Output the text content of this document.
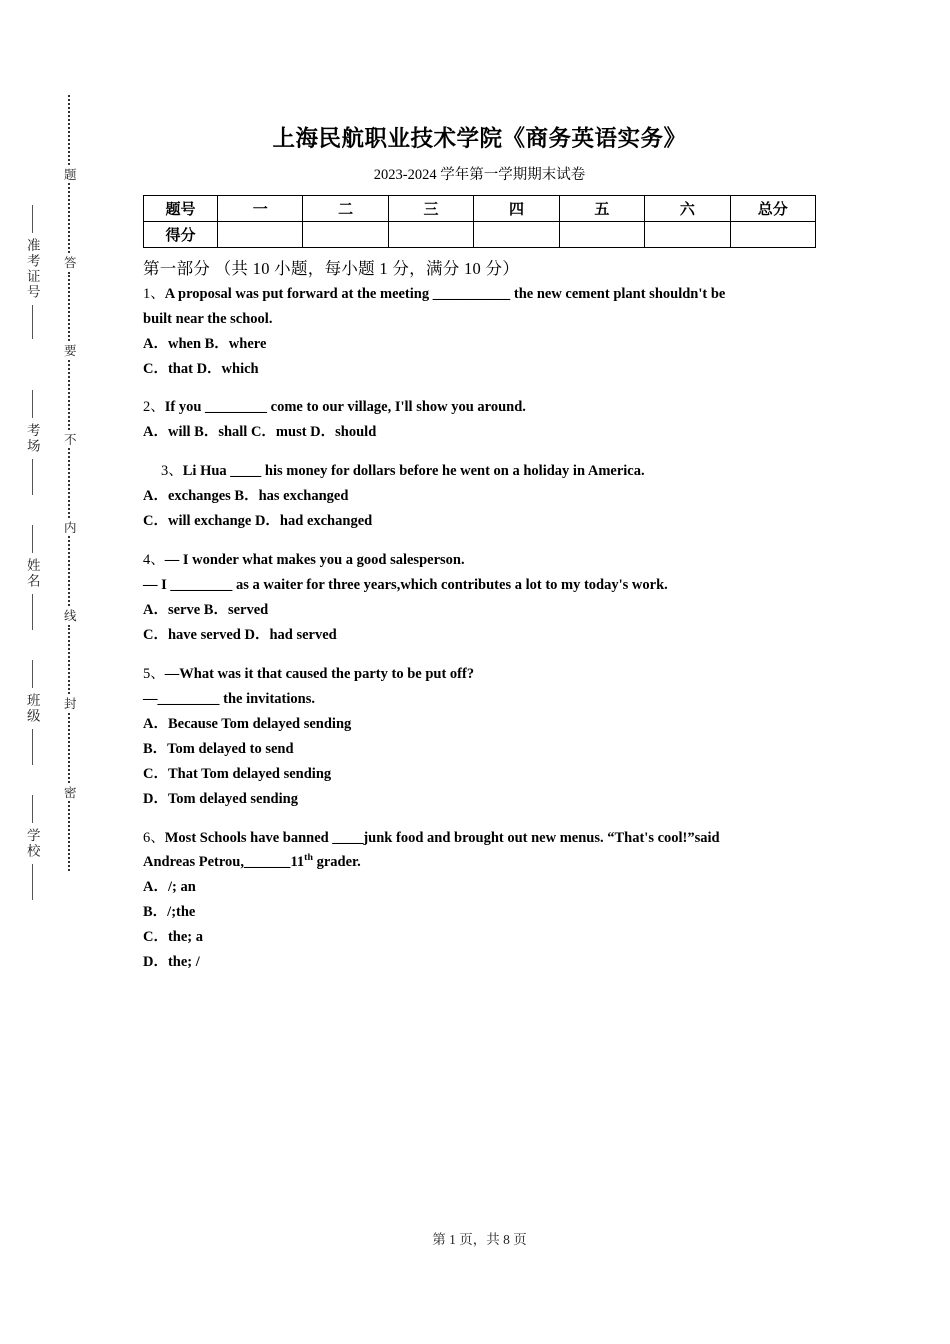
准考证号
考场
姓名
班级
学校
题
答
要
不
内
线
封
密
上海民航职业技术学院《商务英语实务》
2023-2024 学年第一学期期末试卷
题号	一	二	三	四	五	六	总分
得分							
第一部分 （共 10 小题，每小题 1 分，满分 10 分）
1、A proposal was put forward at the meeting __________ the new cement plant shouldn't be
built near the school.
A．when B．where
C．that D．which
2、If you ________ come to our village, I'll show you around.
A．will B．shall C．must D．should
3、Li Hua ____ his money for dollars before he went on a holiday in America.
A．exchanges B．has exchanged
C．will exchange D．had exchanged
4、— I wonder what makes you a good salesperson.
— I ________ as a waiter for three years,which contributes a lot to my today's work.
A．serve B．served
C．have served D．had served
5、—What was it that caused the party to be put off?
—________ the invitations.
A．Because Tom delayed sending
B．Tom delayed to send
C．That Tom delayed sending
D．Tom delayed sending
6、Most Schools have banned ____junk food and brought out new menus. “That's cool!”said
Andreas Petrou,______11th grader.
A．/; an
B．/;the
C．the; a
D．the; /
第 1 页，共 8 页
